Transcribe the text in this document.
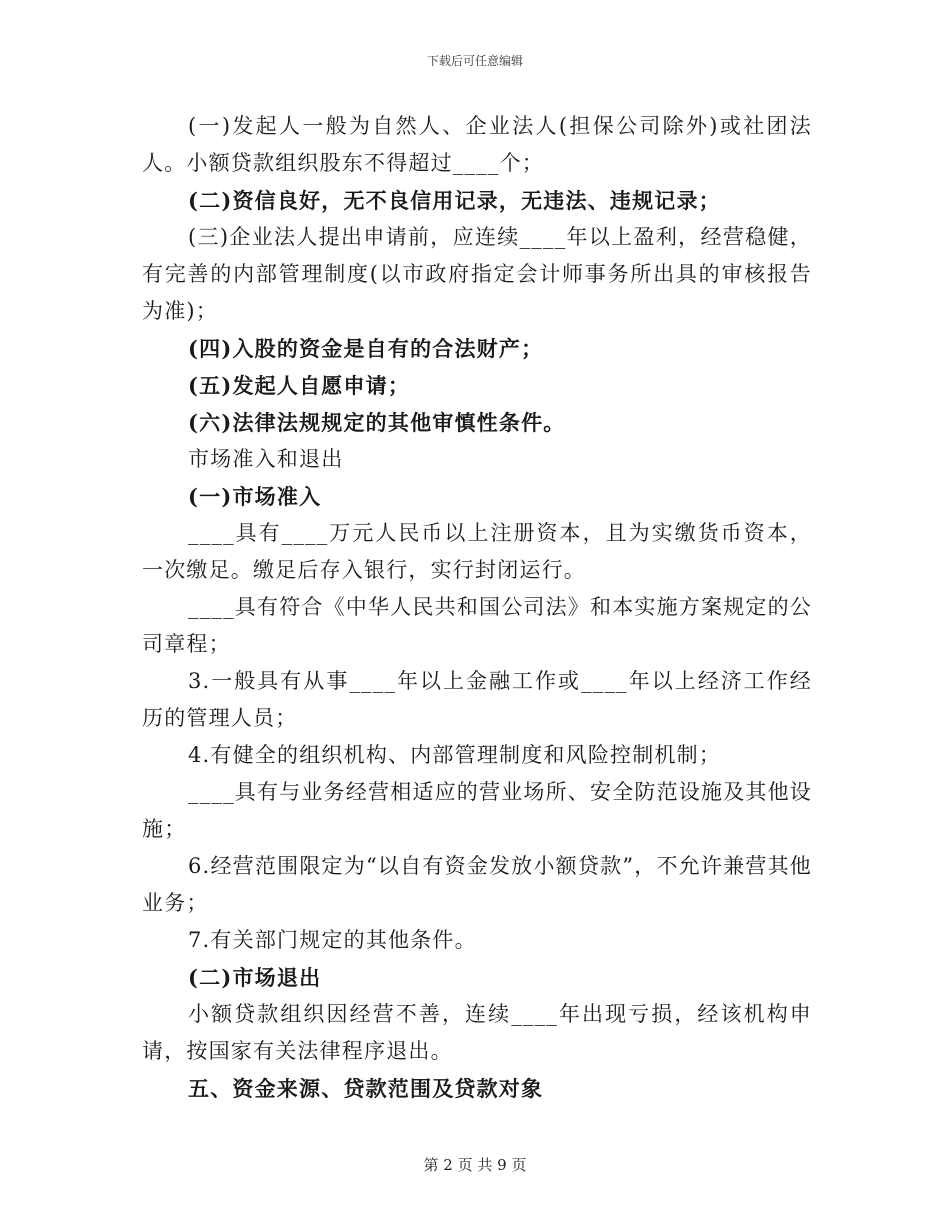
下载后可任意编辑

(一)发起人一般为自然人、企业法人(担保公司除外)或社团法人。小额贷款组织股东不得超过____个；

(二)资信良好，无不良信用记录，无违法、违规记录；

(三)企业法人提出申请前，应连续____年以上盈利，经营稳健，有完善的内部管理制度(以市政府指定会计师事务所出具的审核报告为准)；

(四)入股的资金是自有的合法财产；

(五)发起人自愿申请；

(六)法律法规规定的其他审慎性条件。

市场准入和退出

(一)市场准入

____具有____万元人民币以上注册资本，且为实缴货币资本，一次缴足。缴足后存入银行，实行封闭运行。

____具有符合《中华人民共和国公司法》和本实施方案规定的公司章程；

3.一般具有从事____年以上金融工作或____年以上经济工作经历的管理人员；

4.有健全的组织机构、内部管理制度和风险控制机制；

____具有与业务经营相适应的营业场所、安全防范设施及其他设施；

6.经营范围限定为“以自有资金发放小额贷款”，不允许兼营其他业务；

7.有关部门规定的其他条件。

(二)市场退出

小额贷款组织因经营不善，连续____年出现亏损，经该机构申请，按国家有关法律程序退出。

五、资金来源、贷款范围及贷款对象

第 2 页 共 9 页
